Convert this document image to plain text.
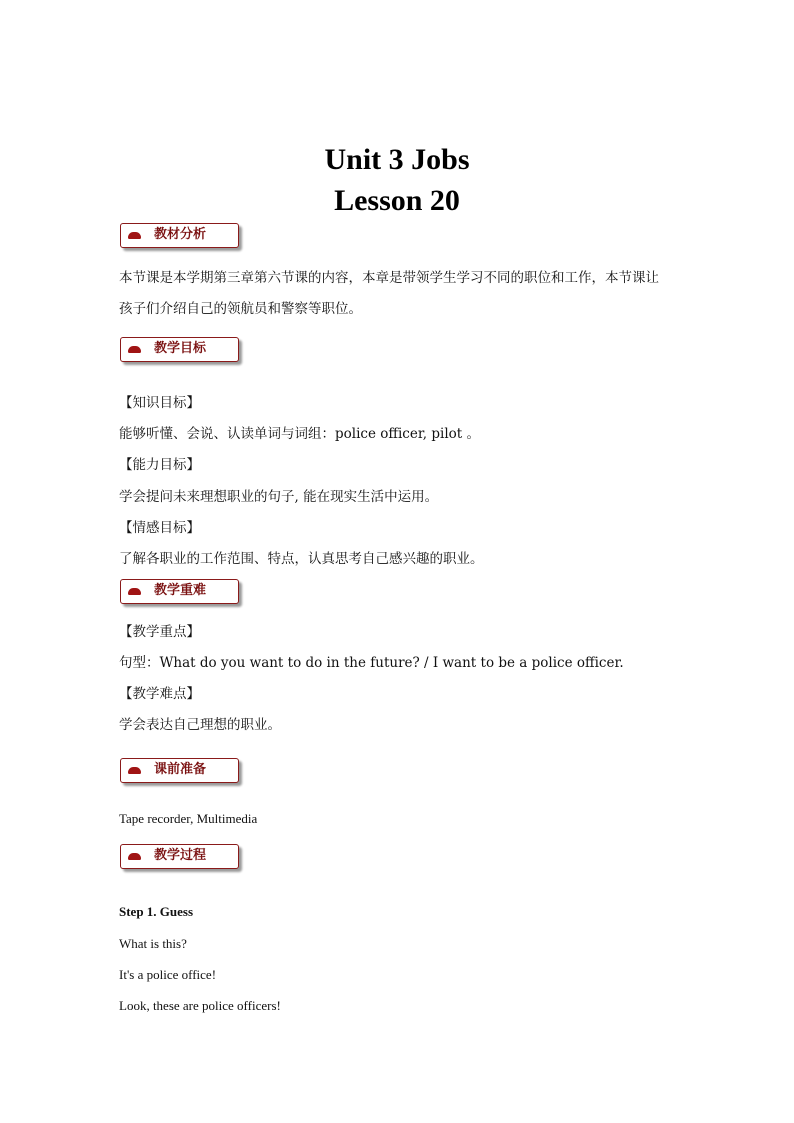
Unit 3 Jobs
Lesson 20
教材分析
本节课是本学期第三章第六节课的内容，本章是带领学生学习不同的职位和工作，本节课让
孩子们介绍自己的领航员和警察等职位。
教学目标
【知识目标】
能够听懂、会说、认读单词与词组：police officer, pilot 。
【能力目标】
学会提问未来理想职业的句子, 能在现实生活中运用。
【情感目标】
了解各职业的工作范围、特点，认真思考自己感兴趣的职业。
教学重难
【教学重点】
句型：What do you want to do in the future? / I want to be a police officer.
【教学难点】
学会表达自己理想的职业。
课前准备
Tape recorder, Multimedia
教学过程
Step 1. Guess
What is this?
It's a police office!
Look, these are police officers!
